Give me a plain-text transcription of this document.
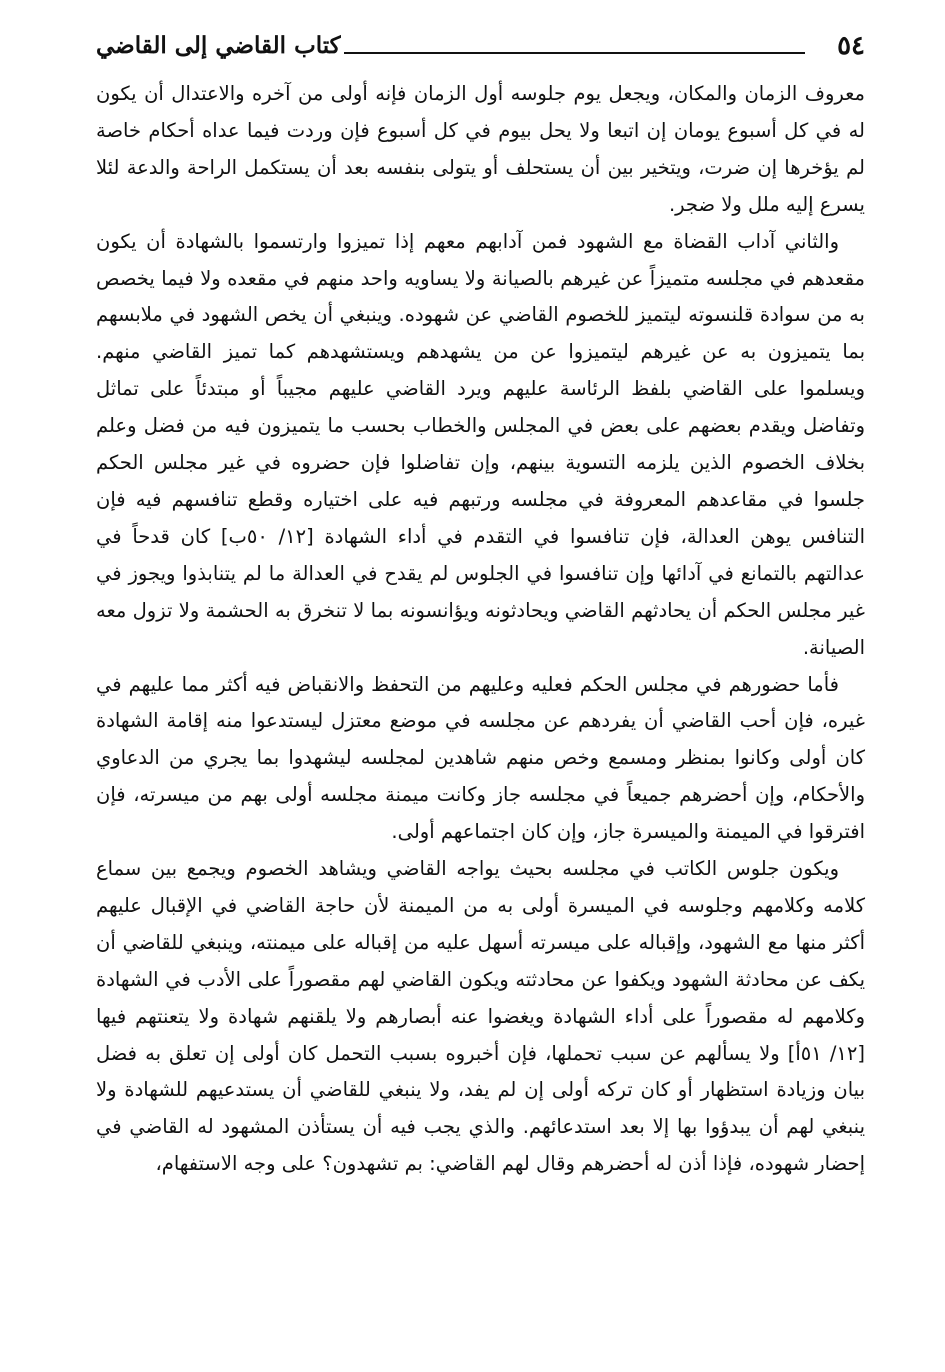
٥٤
كتاب القاضي إلى القاضي

معروف الزمان والمكان، ويجعل يوم جلوسه أول الزمان فإنه أولى من آخره والاعتدال أن يكون له في كل أسبوع يومان إن اتبعا ولا يحل بيوم في كل أسبوع فإن وردت فيما عداه أحكام خاصة لم يؤخرها إن ضرت، ويتخير بين أن يستحلف أو يتولى بنفسه بعد أن يستكمل الراحة والدعة لئلا يسرع إليه ملل ولا ضجر.

والثاني آداب القضاة مع الشهود فمن آدابهم معهم إذا تميزوا وارتسموا بالشهادة أن يكون مقعدهم في مجلسه متميزاً عن غيرهم بالصيانة ولا يساويه واحد منهم في مقعده ولا فيما يخصص به من سوادة قلنسوته ليتميز للخصوم القاضي عن شهوده. وينبغي أن يخص الشهود في ملابسهم بما يتميزون به عن غيرهم ليتميزوا عن من يشهدهم ويستشهدهم كما تميز القاضي منهم. ويسلموا على القاضي بلفظ الرئاسة عليهم ويرد القاضي عليهم مجيباً أو مبتدئاً على تماثل وتفاضل ويقدم بعضهم على بعض في المجلس والخطاب بحسب ما يتميزون فيه من فضل وعلم بخلاف الخصوم الذين يلزمه التسوية بينهم، وإن تفاضلوا فإن حضروه في غير مجلس الحكم جلسوا في مقاعدهم المعروفة في مجلسه ورتبهم فيه على اختياره وقطع تنافسهم فيه فإن التنافس يوهن العدالة، فإن تنافسوا في التقدم في أداء الشهادة [١٢/ ٥٠ب] كان قدحاً في عدالتهم بالتمانع في آدائها وإن تنافسوا في الجلوس لم يقدح في العدالة ما لم يتنابذوا ويجوز في غير مجلس الحكم أن يحادثهم القاضي ويحادثونه ويؤانسونه بما لا تنخرق به الحشمة ولا تزول معه الصيانة.

فأما حضورهم في مجلس الحكم فعليه وعليهم من التحفظ والانقباض فيه أكثر مما عليهم في غيره، فإن أحب القاضي أن يفردهم عن مجلسه في موضع معتزل ليستدعوا منه إقامة الشهادة كان أولى وكانوا بمنظر ومسمع وخص منهم شاهدين لمجلسه ليشهدوا بما يجري من الدعاوي والأحكام، وإن أحضرهم جميعاً في مجلسه جاز وكانت ميمنة مجلسه أولى بهم من ميسرته، فإن افترقوا في الميمنة والميسرة جاز، وإن كان اجتماعهم أولى.

ويكون جلوس الكاتب في مجلسه بحيث يواجه القاضي ويشاهد الخصوم ويجمع بين سماع كلامه وكلامهم وجلوسه في الميسرة أولى به من الميمنة لأن حاجة القاضي في الإقبال عليهم أكثر منها مع الشهود، وإقباله على ميسرته أسهل عليه من إقباله على ميمنته، وينبغي للقاضي أن يكف عن محادثة الشهود ويكفوا عن محادثته ويكون القاضي لهم مقصوراً على الأدب في الشهادة وكلامهم له مقصوراً على أداء الشهادة ويغضوا عنه أبصارهم ولا يلقنهم شهادة ولا يتعنتهم فيها [١٢/ ٥١أ] ولا يسألهم عن سبب تحملها، فإن أخبروه بسبب التحمل كان أولى إن تعلق به فضل بيان وزيادة استظهار أو كان تركه أولى إن لم يفد، ولا ينبغي للقاضي أن يستدعيهم للشهادة ولا ينبغي لهم أن يبدؤوا بها إلا بعد استدعائهم. والذي يجب فيه أن يستأذن المشهود له القاضي في إحضار شهوده، فإذا أذن له أحضرهم وقال لهم القاضي: بم تشهدون؟ على وجه الاستفهام،
